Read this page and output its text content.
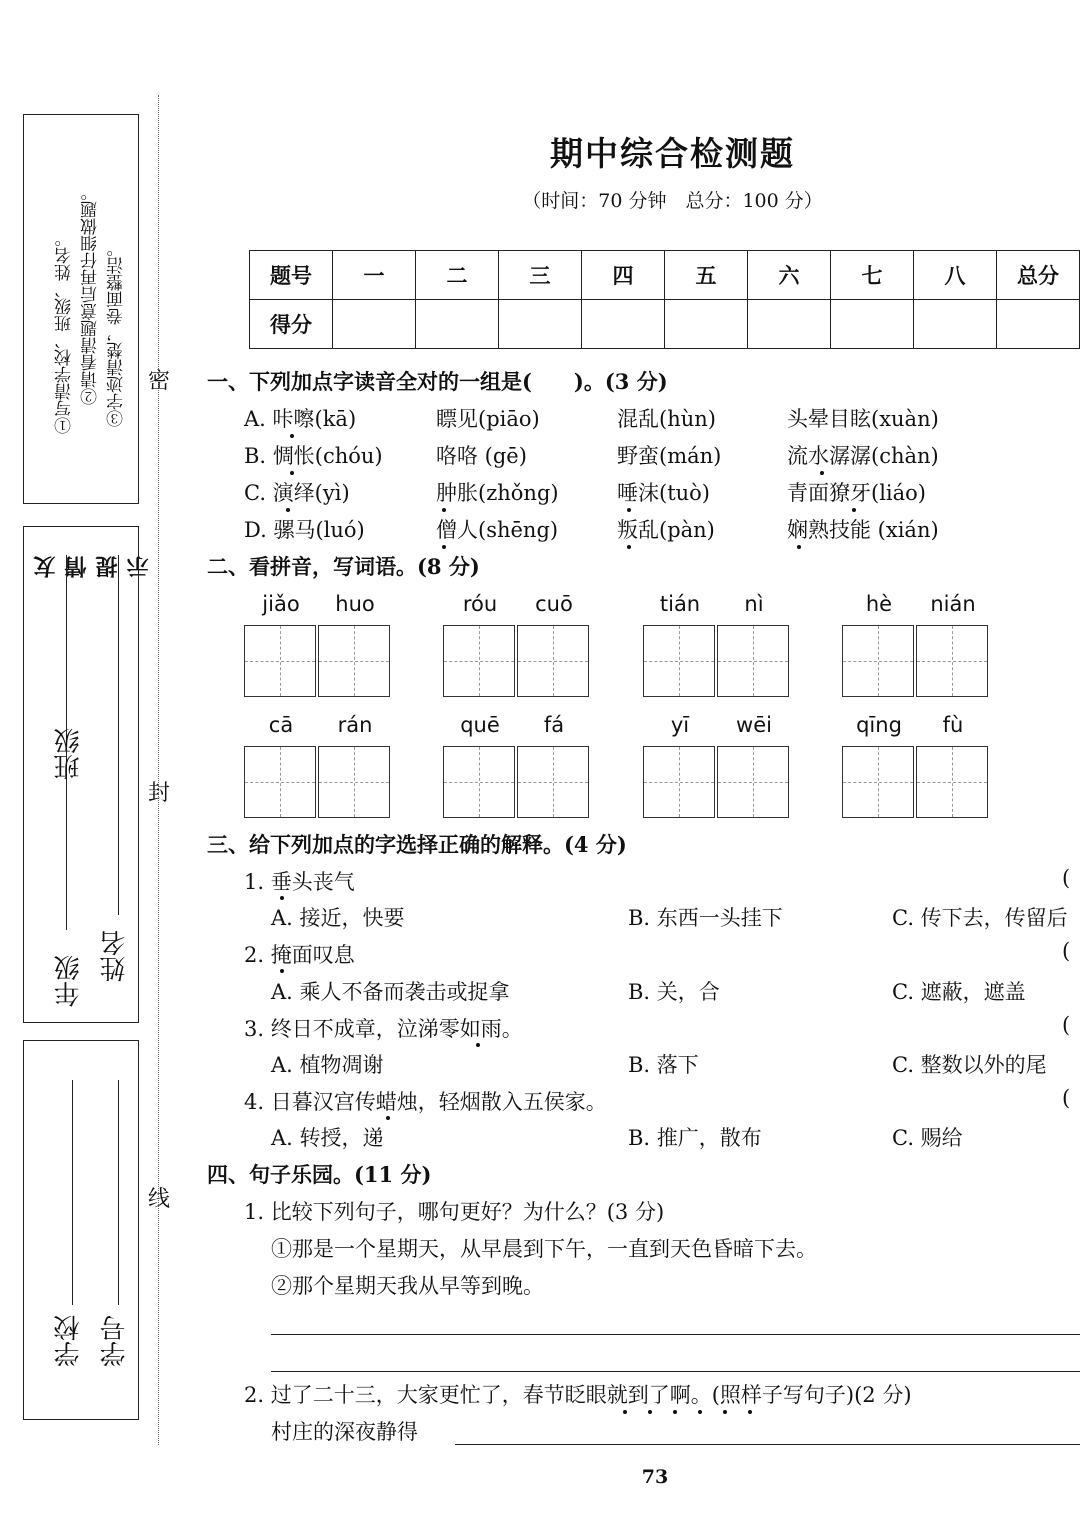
友情提示
①写清学校、班级、姓名。 ②请看清题意后再仔细做题。 ③字迹清楚，卷面整洁。
年级
班级
姓名
学校 学号
密
封
线
期中综合检测题
（时间：70 分钟　总分：100 分）
题号	一	二	三	四	五	六	七	八	总分
得分									
一、下列加点字读音全对的一组是(　　)。(3 分)
A. 咔嚓(kā)	瞟见(piāo)	混乱(hùn)	头晕目眩(xuàn)
B. 惆怅(chóu)	咯咯 (gē)	野蛮(mán)	流水潺潺(chàn)
C. 演绎(yì)	肿胀(zhǒng)	唾沫(tuò)	青面獠牙(liáo)
D. 骡马(luó)	僧人(shēng)	叛乱(pàn)	娴熟技能 (xián)
二、看拼音，写词语。(8 分)
jiǎo	huo	róu	cuō	tián	nì	hè	nián
cā	rán	quē	fá	yī	wēi	qīng	fù
三、给下列加点的字选择正确的解释。(4 分)
1. 垂头丧气	(
A. 接近，快要	B. 东西一头挂下	C. 传下去，传留后
2. 掩面叹息	(
A. 乘人不备而袭击或捉拿	B. 关，合	C. 遮蔽，遮盖
3. 终日不成章，泣涕零如雨。	(
A. 植物凋谢	B. 落下	C. 整数以外的尾
4. 日暮汉宫传蜡烛，轻烟散入五侯家。	(
A. 转授，递	B. 推广，散布	C. 赐给
四、句子乐园。(11 分)
1. 比较下列句子，哪句更好？为什么？(3 分)
①那是一个星期天，从早晨到下午，一直到天色昏暗下去。
②那个星期天我从早等到晚。
2. 过了二十三，大家更忙了，春节眨眼就到了啊。(照样子写句子)(2 分)
村庄的深夜静得
73
